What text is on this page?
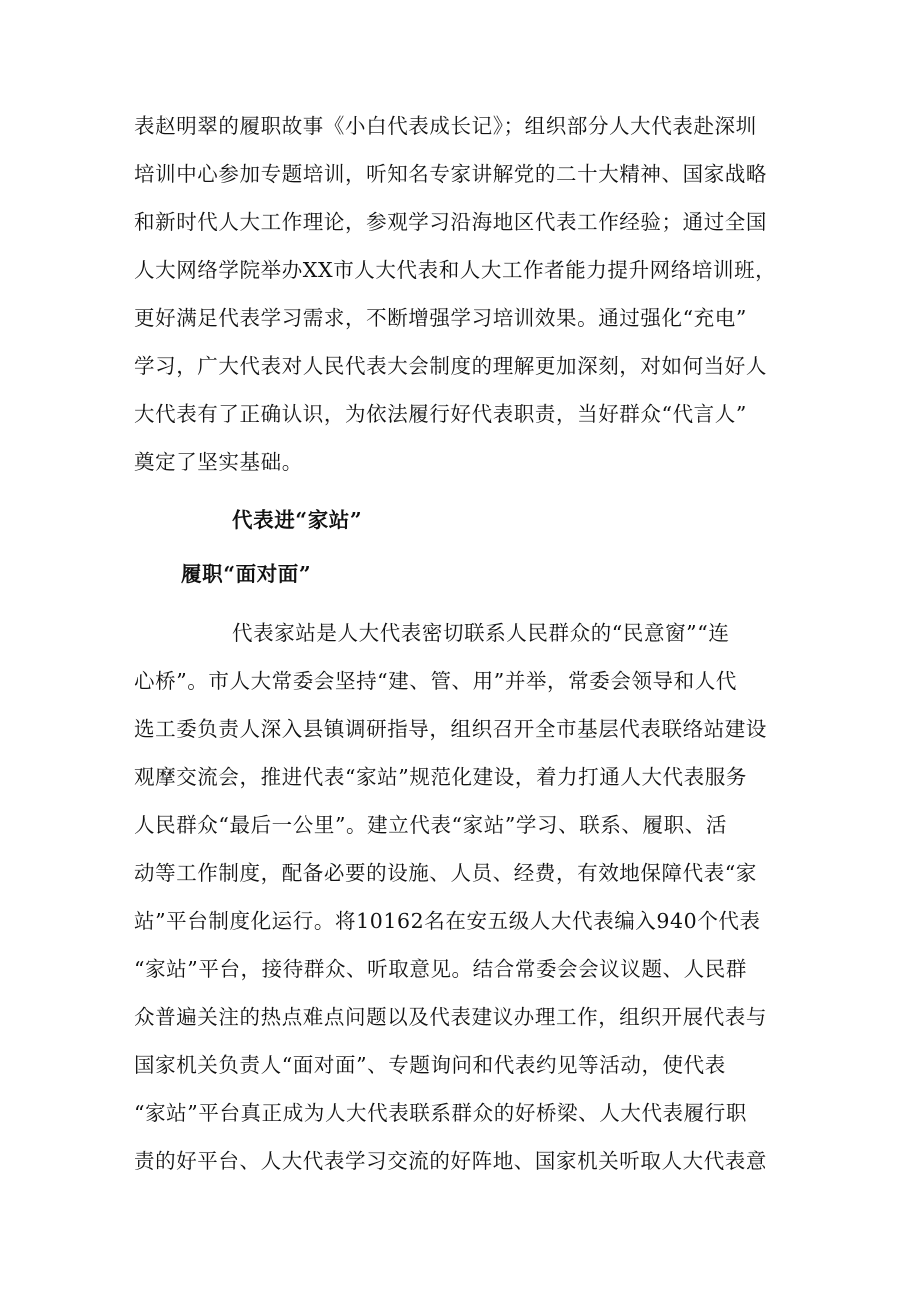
表赵明翠的履职故事《小白代表成长记》；组织部分人大代表赴深圳
培训中心参加专题培训，听知名专家讲解党的二十大精神、国家战略
和新时代人大工作理论，参观学习沿海地区代表工作经验；通过全国
人大网络学院举办XX市人大代表和人大工作者能力提升网络培训班，
更好满足代表学习需求，不断增强学习培训效果。通过强化“充电”
学习，广大代表对人民代表大会制度的理解更加深刻，对如何当好人
大代表有了正确认识，为依法履行好代表职责，当好群众“代言人”
奠定了坚实基础。
代表进“家站”
履职“面对面”
代表家站是人大代表密切联系人民群众的“民意窗”“连
心桥”。市人大常委会坚持“建、管、用”并举，常委会领导和人代
选工委负责人深入县镇调研指导，组织召开全市基层代表联络站建设
观摩交流会，推进代表“家站”规范化建设，着力打通人大代表服务
人民群众“最后一公里”。建立代表“家站”学习、联系、履职、活
动等工作制度，配备必要的设施、人员、经费，有效地保障代表“家
站”平台制度化运行。将10162名在安五级人大代表编入940个代表
“家站”平台，接待群众、听取意见。结合常委会会议议题、人民群
众普遍关注的热点难点问题以及代表建议办理工作，组织开展代表与
国家机关负责人“面对面”、专题询问和代表约见等活动，使代表
“家站”平台真正成为人大代表联系群众的好桥梁、人大代表履行职
责的好平台、人大代表学习交流的好阵地、国家机关听取人大代表意
